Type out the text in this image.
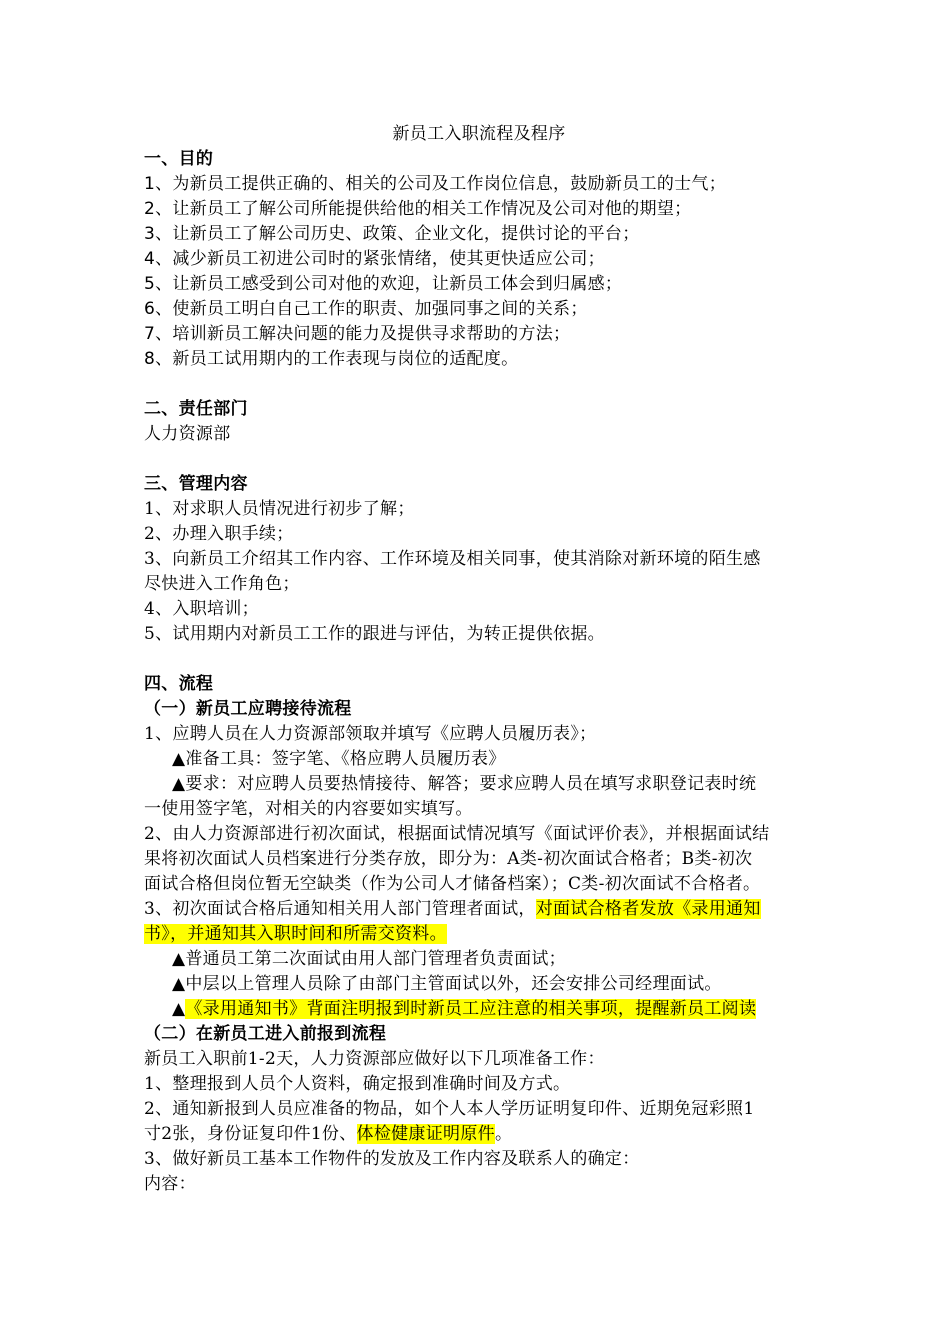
新员工入职流程及程序
一、目的
1、为新员工提供正确的、相关的公司及工作岗位信息，鼓励新员工的士气；
2、让新员工了解公司所能提供给他的相关工作情况及公司对他的期望；
3、让新员工了解公司历史、政策、企业文化，提供讨论的平台；
4、减少新员工初进公司时的紧张情绪，使其更快适应公司；
5、让新员工感受到公司对他的欢迎，让新员工体会到归属感；
6、使新员工明白自己工作的职责、加强同事之间的关系；
7、培训新员工解决问题的能力及提供寻求帮助的方法；
8、新员工试用期内的工作表现与岗位的适配度。
二、责任部门
人力资源部
三、管理内容
1、对求职人员情况进行初步了解；
2、办理入职手续；
3、向新员工介绍其工作内容、工作环境及相关同事，使其消除对新环境的陌生感
尽快进入工作角色；
4、入职培训；
5、试用期内对新员工工作的跟进与评估，为转正提供依据。
四、流程
（一）新员工应聘接待流程
1、应聘人员在人力资源部领取并填写《应聘人员履历表》；
▲准备工具：签字笔、《格应聘人员履历表》
▲要求：对应聘人员要热情接待、解答；要求应聘人员在填写求职登记表时统
一使用签字笔，对相关的内容要如实填写。
2、由人力资源部进行初次面试，根据面试情况填写《面试评价表》，并根据面试结
果将初次面试人员档案进行分类存放，即分为：A类-初次面试合格者；B类-初次
面试合格但岗位暂无空缺类（作为公司人才储备档案）；C类-初次面试不合格者。
3、初次面试合格后通知相关用人部门管理者面试，对面试合格者发放《录用通知
书》，并通知其入职时间和所需交资料。
▲普通员工第二次面试由用人部门管理者负责面试；
▲中层以上管理人员除了由部门主管面试以外，还会安排公司经理面试。
▲《录用通知书》背面注明报到时新员工应注意的相关事项，提醒新员工阅读
（二）在新员工进入前报到流程
新员工入职前1-2天，人力资源部应做好以下几项准备工作：
1、整理报到人员个人资料，确定报到准确时间及方式。
2、通知新报到人员应准备的物品，如个人本人学历证明复印件、近期免冠彩照1
寸2张，身份证复印件1份、体检健康证明原件。
3、做好新员工基本工作物件的发放及工作内容及联系人的确定：
内容：
